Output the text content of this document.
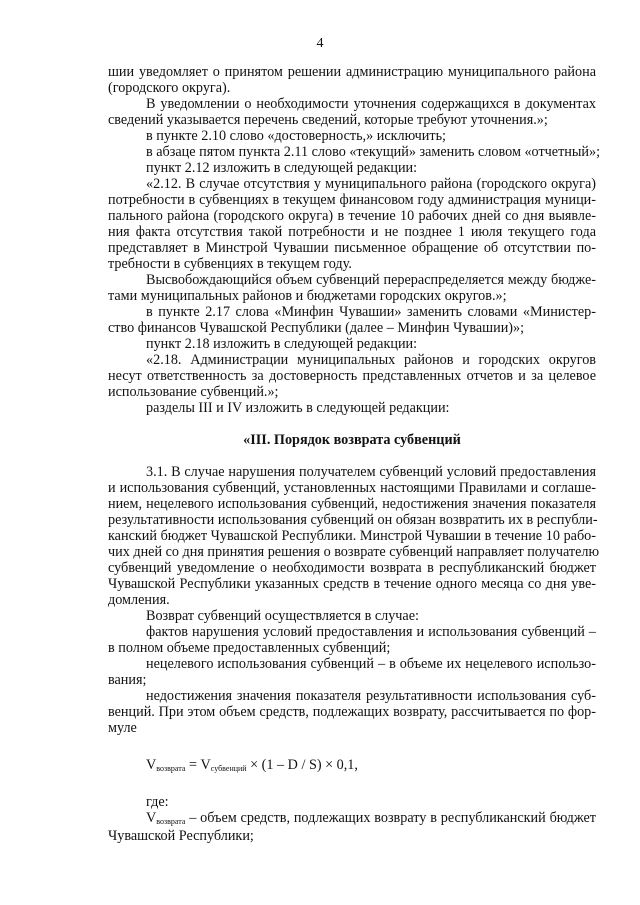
4
шии уведомляет о принятом решении администрацию муниципального района
(городского округа).
В уведомлении о необходимости уточнения содержащихся в документах
сведений указывается перечень сведений, которые требуют уточнения.»;
в пункте 2.10 слово «достоверность,» исключить;
в абзаце пятом пункта 2.11 слово «текущий» заменить словом «отчетный»;
пункт 2.12 изложить в следующей редакции:
«2.12. В случае отсутствия у муниципального района (городского округа)
потребности в субвенциях в текущем финансовом году администрация муници-
пального района (городского округа) в течение 10 рабочих дней со дня выявле-
ния факта отсутствия такой потребности и не позднее 1 июля текущего года
представляет в Минстрой Чувашии письменное обращение об отсутствии по-
требности в субвенциях в текущем году.
Высвобождающийся объем субвенций перераспределяется между бюдже-
тами муниципальных районов и бюджетами городских округов.»;
в пункте 2.17 слова «Минфин Чувашии» заменить словами «Министер-
ство финансов Чувашской Республики (далее – Минфин Чувашии)»;
пункт 2.18 изложить в следующей редакции:
«2.18. Администрации муниципальных районов и городских округов
несут ответственность за достоверность представленных отчетов и за целевое
использование субвенций.»;
разделы III и IV изложить в следующей редакции:
«III. Порядок возврата субвенций
3.1. В случае нарушения получателем субвенций условий предоставления
и использования субвенций, установленных настоящими Правилами и соглаше-
нием, нецелевого использования субвенций, недостижения значения показателя
результативности использования субвенций он обязан возвратить их в республи-
канский бюджет Чувашской Республики. Минстрой Чувашии в течение 10 рабо-
чих дней со дня принятия решения о возврате субвенций направляет получателю
субвенций уведомление о необходимости возврата в республиканский бюджет
Чувашской Республики указанных средств в течение одного месяца со дня уве-
домления.
Возврат субвенций осуществляется в случае:
фактов нарушения условий предоставления и использования субвенций –
в полном объеме предоставленных субвенций;
нецелевого использования субвенций – в объеме их нецелевого использо-
вания;
недостижения значения показателя результативности использования суб-
венций. При этом объем средств, подлежащих возврату, рассчитывается по фор-
муле
$V_{возврата} = V_{субвенций} \times (1 - D / S) \times 0,1$,
где:
$V_{возврата}$ – объем средств, подлежащих возврату в республиканский бюджет
Чувашской Республики;
